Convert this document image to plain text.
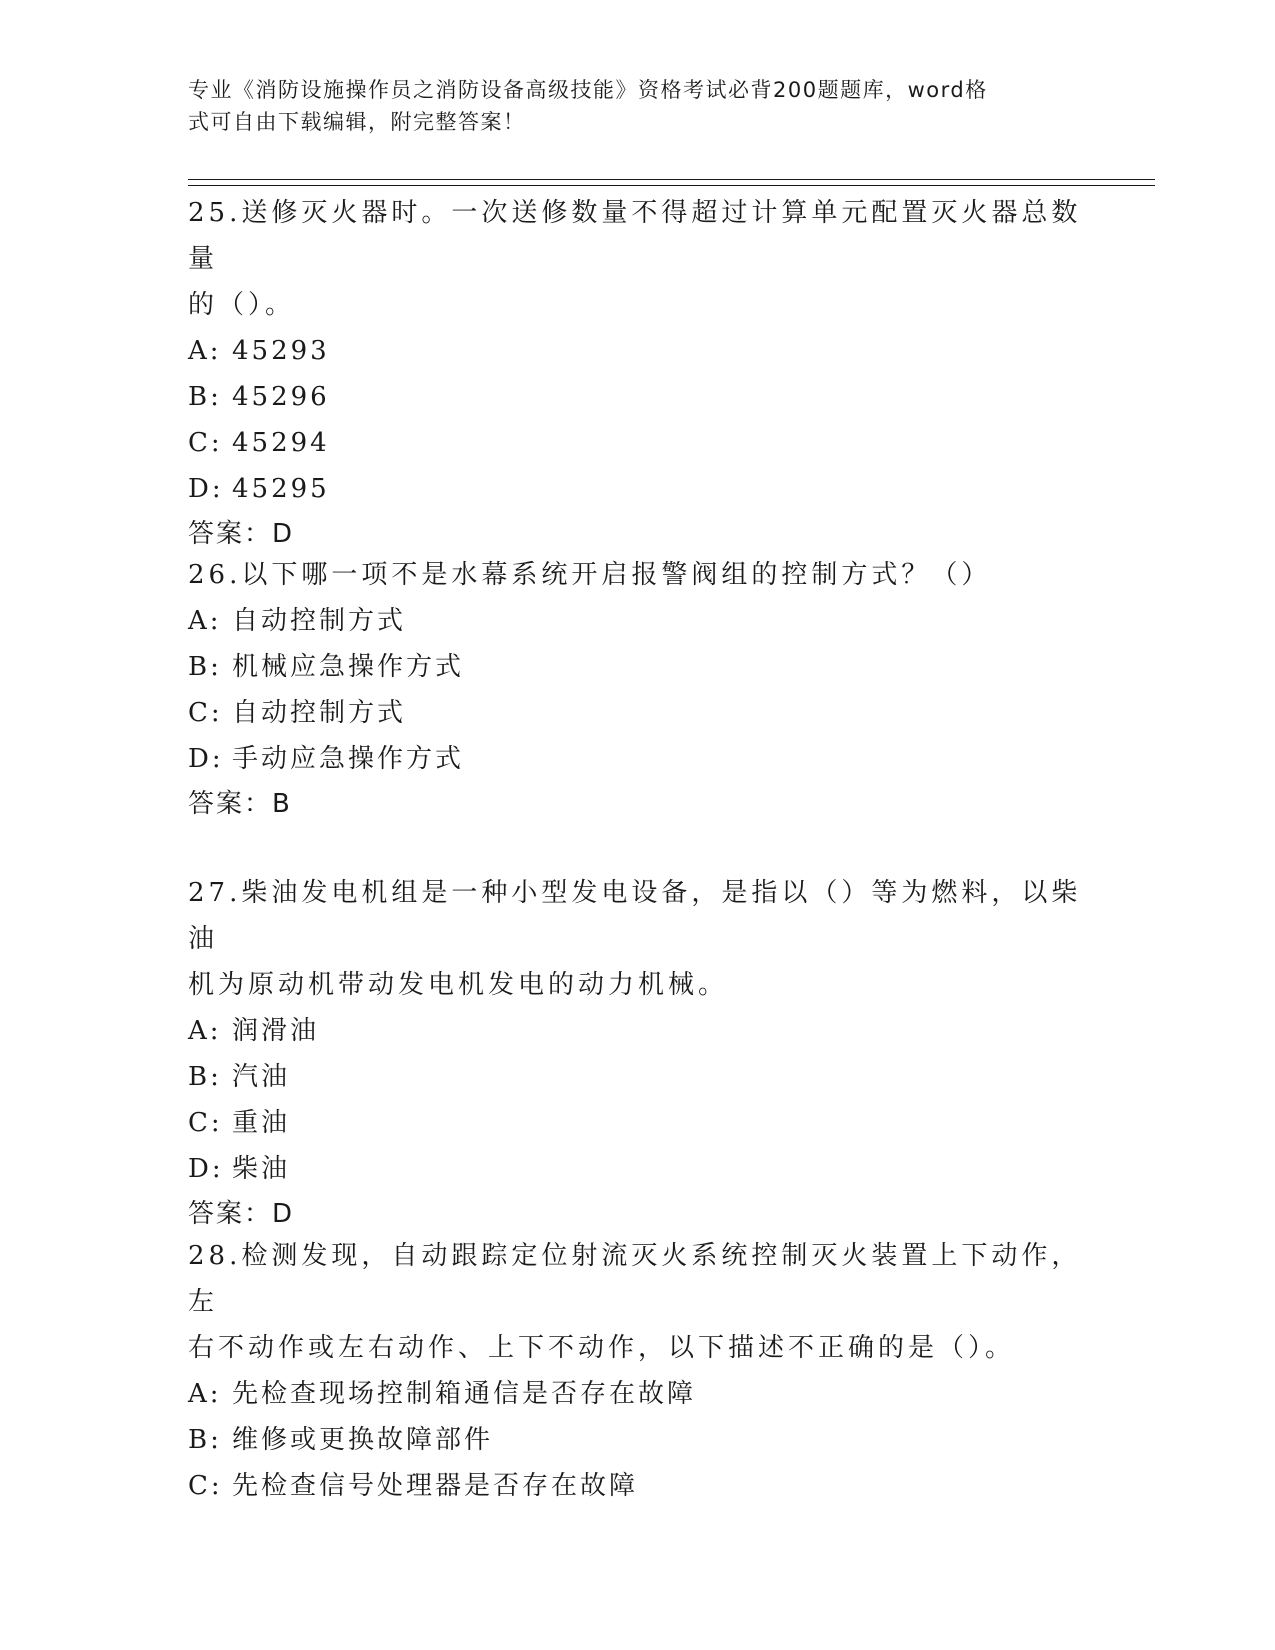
专业《消防设施操作员之消防设备高级技能》资格考试必背200题题库，word格
式可自由下载编辑，附完整答案！
25.送修灭火器时。一次送修数量不得超过计算单元配置灭火器总数量
的（）。
A: 45293
B: 45296
C: 45294
D: 45295
答案：D
26.以下哪一项不是水幕系统开启报警阀组的控制方式？（）
A: 自动控制方式
B: 机械应急操作方式
C: 自动控制方式
D: 手动应急操作方式
答案：B
27.柴油发电机组是一种小型发电设备，是指以（）等为燃料，以柴油
机为原动机带动发电机发电的动力机械。
A: 润滑油
B: 汽油
C: 重油
D: 柴油
答案：D
28.检测发现，自动跟踪定位射流灭火系统控制灭火装置上下动作，左
右不动作或左右动作、上下不动作，以下描述不正确的是（）。
A: 先检查现场控制箱通信是否存在故障
B: 维修或更换故障部件
C: 先检查信号处理器是否存在故障
